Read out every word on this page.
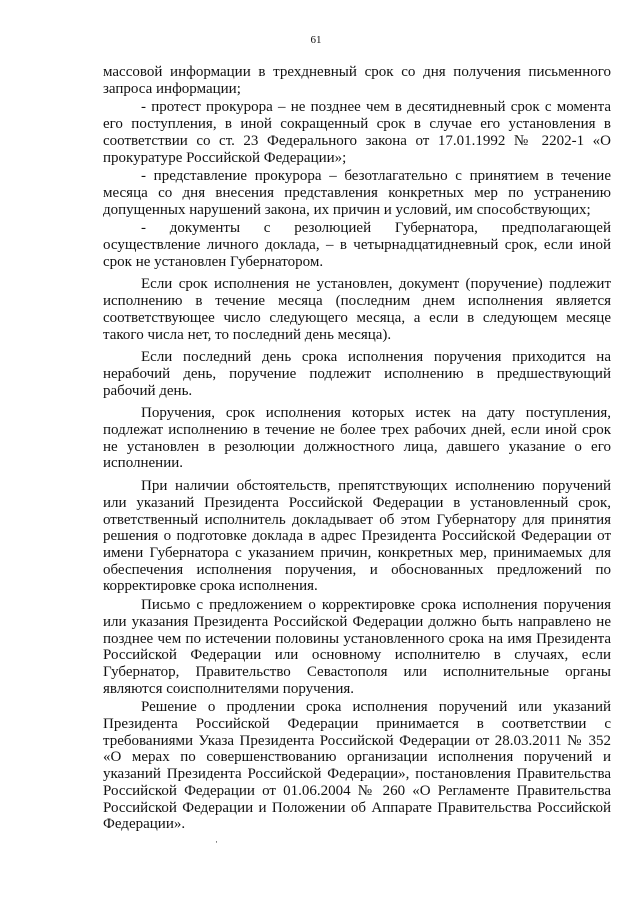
61

массовой информации в трехдневный срок со дня получения письменного запроса информации;

- протест прокурора – не позднее чем в десятидневный срок с момента его поступления, в иной сокращенный срок в случае его установления в соответствии со ст. 23 Федерального закона от 17.01.1992 № 2202-1 «О прокуратуре Российской Федерации»;

- представление прокурора – безотлагательно с принятием в течение месяца со дня внесения представления конкретных мер по устранению допущенных нарушений закона, их причин и условий, им способствующих;

- документы с резолюцией Губернатора, предполагающей осуществление личного доклада, – в четырнадцатидневный срок, если иной срок не установлен Губернатором.

Если срок исполнения не установлен, документ (поручение) подлежит исполнению в течение месяца (последним днем исполнения является соответствующее число следующего месяца, а если в следующем месяце такого числа нет, то последний день месяца).

Если последний день срока исполнения поручения приходится на нерабочий день, поручение подлежит исполнению в предшествующий рабочий день.

Поручения, срок исполнения которых истек на дату поступления, подлежат исполнению в течение не более трех рабочих дней, если иной срок не установлен в резолюции должностного лица, давшего указание о его исполнении.

При наличии обстоятельств, препятствующих исполнению поручений или указаний Президента Российской Федерации в установленный срок, ответственный исполнитель докладывает об этом Губернатору для принятия решения о подготовке доклада в адрес Президента Российской Федерации от имени Губернатора с указанием причин, конкретных мер, принимаемых для обеспечения исполнения поручения, и обоснованных предложений по корректировке срока исполнения.

Письмо с предложением о корректировке срока исполнения поручения или указания Президента Российской Федерации должно быть направлено не позднее чем по истечении половины установленного срока на имя Президента Российской Федерации или основному исполнителю в случаях, если Губернатор, Правительство Севастополя или исполнительные органы являются соисполнителями поручения.

Решение о продлении срока исполнения поручений или указаний Президента Российской Федерации принимается в соответствии с требованиями Указа Президента Российской Федерации от 28.03.2011 № 352 «О мерах по совершенствованию организации исполнения поручений и указаний Президента Российской Федерации», постановления Правительства Российской Федерации от 01.06.2004 № 260 «О Регламенте Правительства Российской Федерации и Положении об Аппарате Правительства Российской Федерации».

·
